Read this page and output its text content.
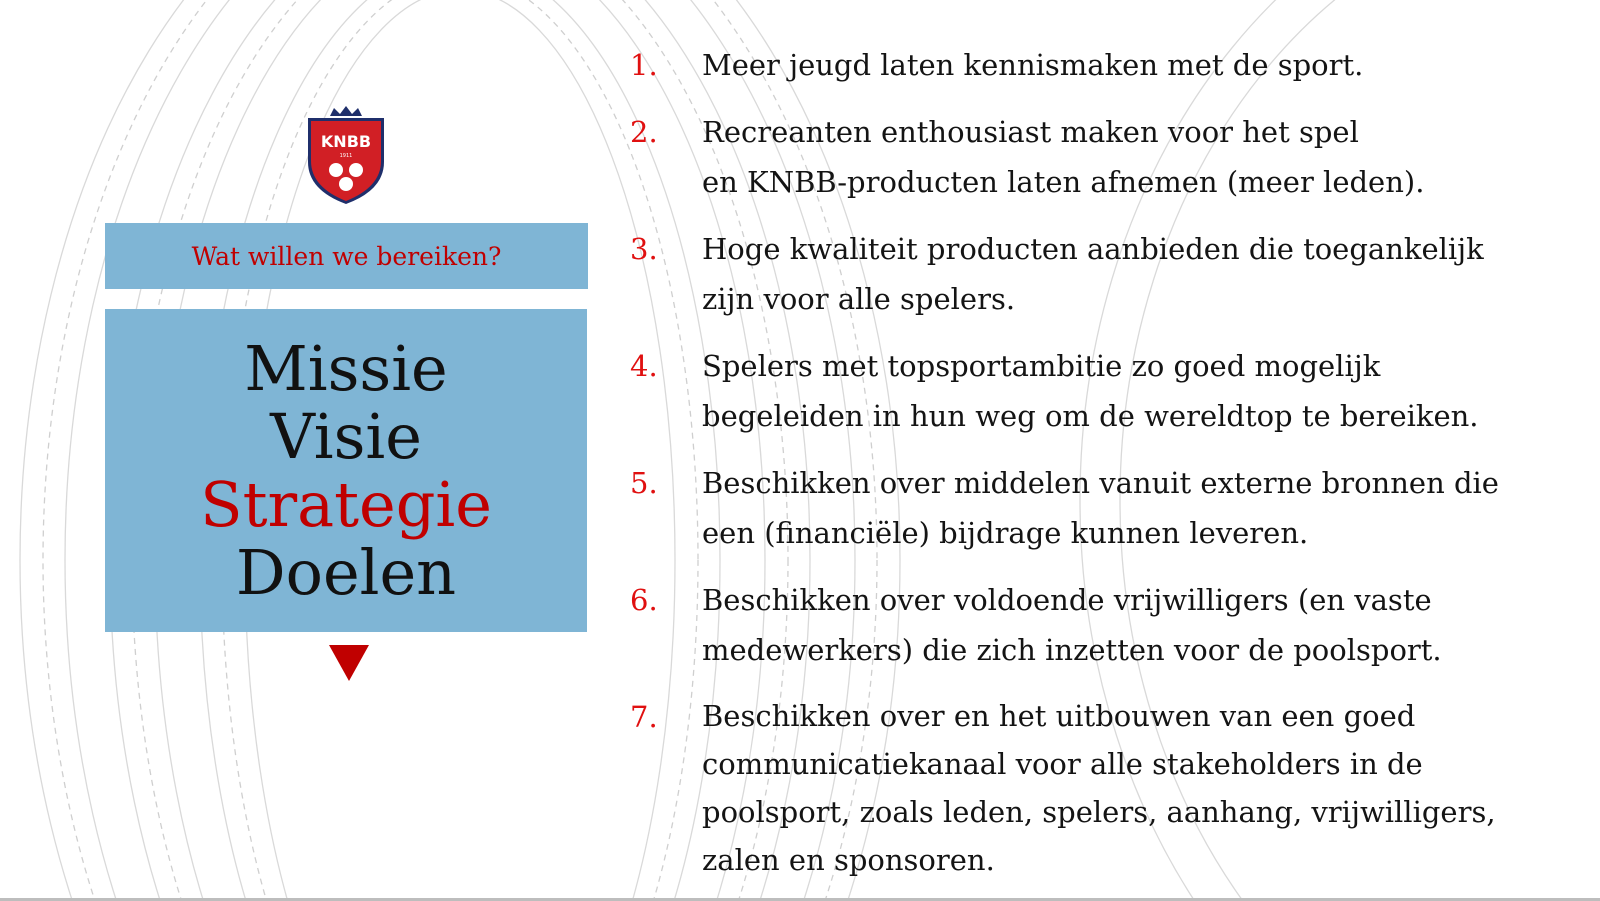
KNBB
1911
Wat willen we bereiken?
Missie
Visie
Strategie
Doelen
1.	Meer jeugd laten kennismaken met de sport.
2.	Recreanten enthousiast maken voor het spel
en KNBB-producten laten afnemen (meer leden).
3.	Hoge kwaliteit producten aanbieden die toegankelijk
zijn voor alle spelers.
4.	Spelers met topsportambitie zo goed mogelijk
begeleiden in hun weg om de wereldtop te bereiken.
5.	Beschikken over middelen vanuit externe bronnen die
een (financiële) bijdrage kunnen leveren.
6.	Beschikken over voldoende vrijwilligers (en vaste
medewerkers) die zich inzetten voor de poolsport.
7.	Beschikken over en het uitbouwen van een goed
communicatiekanaal voor alle stakeholders in de
poolsport, zoals leden, spelers, aanhang, vrijwilligers,
zalen en sponsoren.
